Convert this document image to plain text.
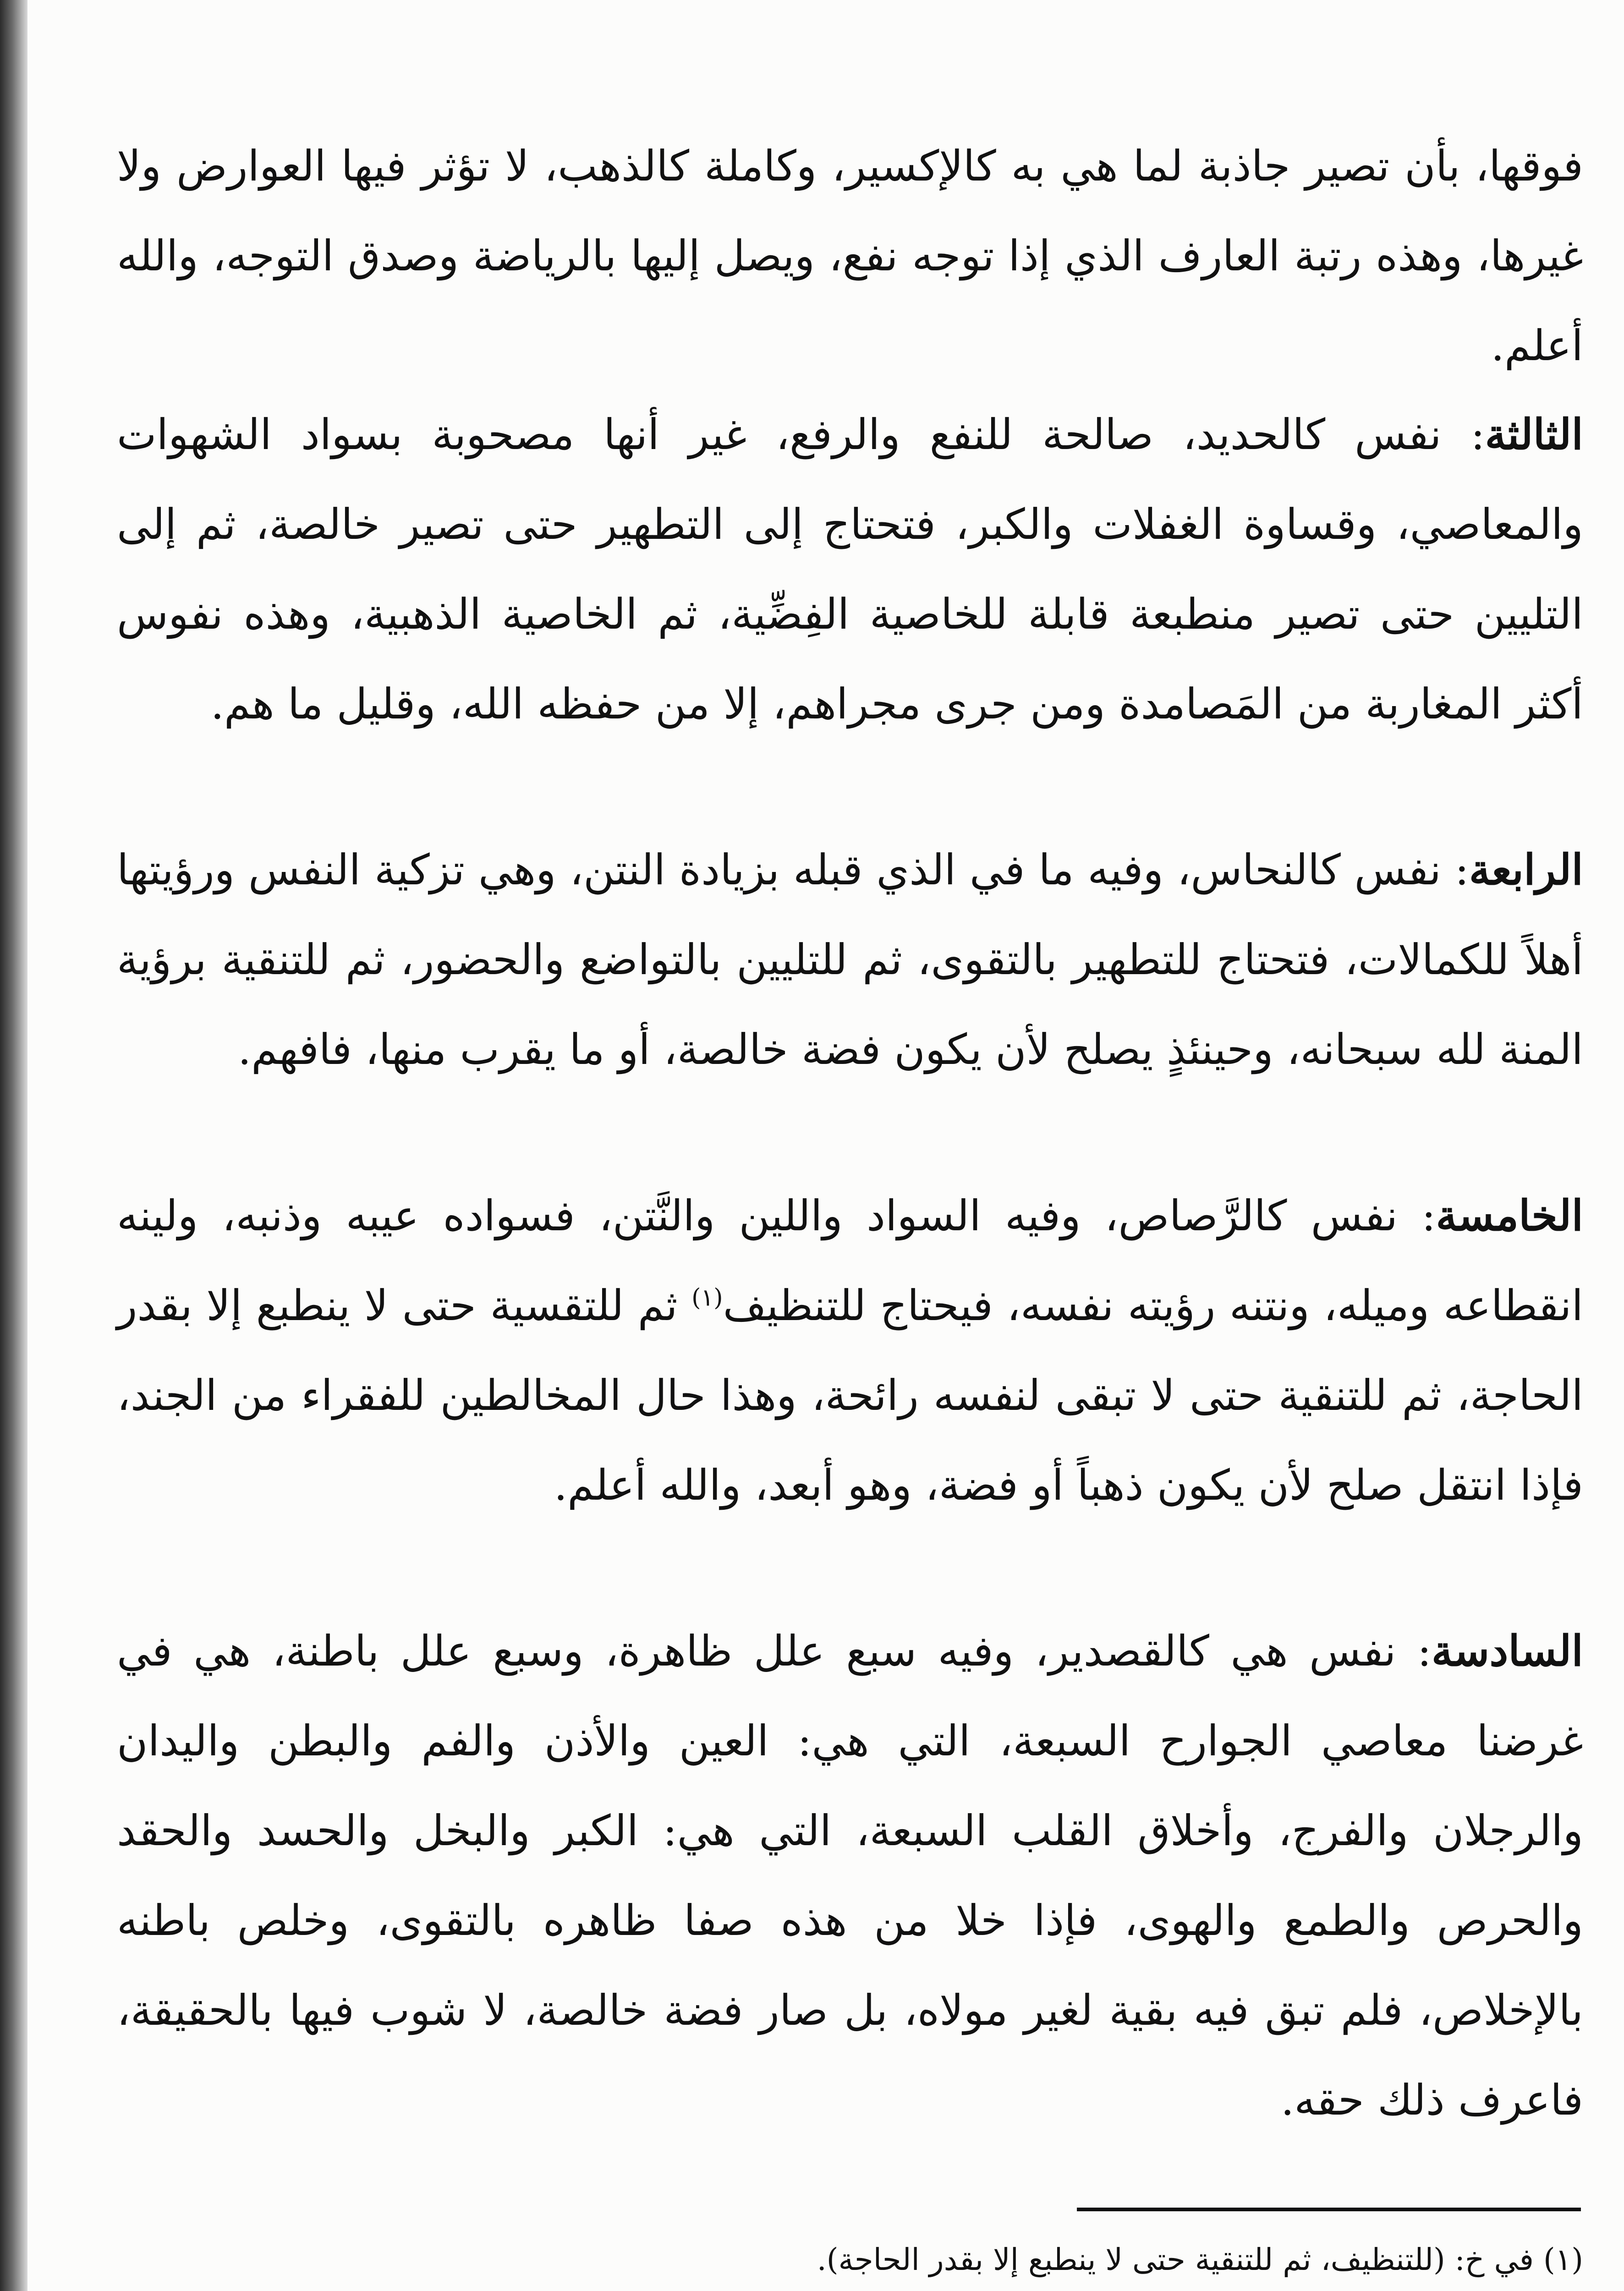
فوقها، بأن تصير جاذبة لما هي به كالإكسير، وكاملة كالذهب، لا تؤثر فيها العوارض ولا غيرها، وهذه رتبة العارف الذي إذا توجه نفع، ويصل إليها بالرياضة وصدق التوجه، والله أعلم.

الثالثة: نفس كالحديد، صالحة للنفع والرفع، غير أنها مصحوبة بسواد الشهوات والمعاصي، وقساوة الغفلات والكبر، فتحتاج إلى التطهير حتى تصير خالصة، ثم إلى التليين حتى تصير منطبعة قابلة للخاصية الفِضِّية، ثم الخاصية الذهبية، وهذه نفوس أكثر المغاربة من المَصامدة ومن جرى مجراهم، إلا من حفظه الله، وقليل ما هم.

الرابعة: نفس كالنحاس، وفيه ما في الذي قبله بزيادة النتن، وهي تزكية النفس ورؤيتها أهلاً للكمالات، فتحتاج للتطهير بالتقوى، ثم للتليين بالتواضع والحضور، ثم للتنقية برؤية المنة لله سبحانه، وحينئذٍ يصلح لأن يكون فضة خالصة، أو ما يقرب منها، فافهم.

الخامسة: نفس كالرَّصاص، وفيه السواد واللين والنَّتن، فسواده عيبه وذنبه، ولينه انقطاعه وميله، ونتنه رؤيته نفسه، فيحتاج للتنظيف$^{(١)}$ ثم للتقسية حتى لا ينطبع إلا بقدر الحاجة، ثم للتنقية حتى لا تبقى لنفسه رائحة، وهذا حال المخالطين للفقراء من الجند، فإذا انتقل صلح لأن يكون ذهباً أو فضة، وهو أبعد، والله أعلم.

السادسة: نفس هي كالقصدير، وفيه سبع علل ظاهرة، وسبع علل باطنة، هي في غرضنا معاصي الجوارح السبعة، التي هي: العين والأذن والفم والبطن واليدان والرجلان والفرج، وأخلاق القلب السبعة، التي هي: الكبر والبخل والحسد والحقد والحرص والطمع والهوى، فإذا خلا من هذه صفا ظاهره بالتقوى، وخلص باطنه بالإخلاص، فلم تبق فيه بقية لغير مولاه، بل صار فضة خالصة، لا شوب فيها بالحقيقة، فاعرف ذلك حقه.

(١) في خ: (للتنظيف، ثم للتنقية حتى لا ينطبع إلا بقدر الحاجة).
